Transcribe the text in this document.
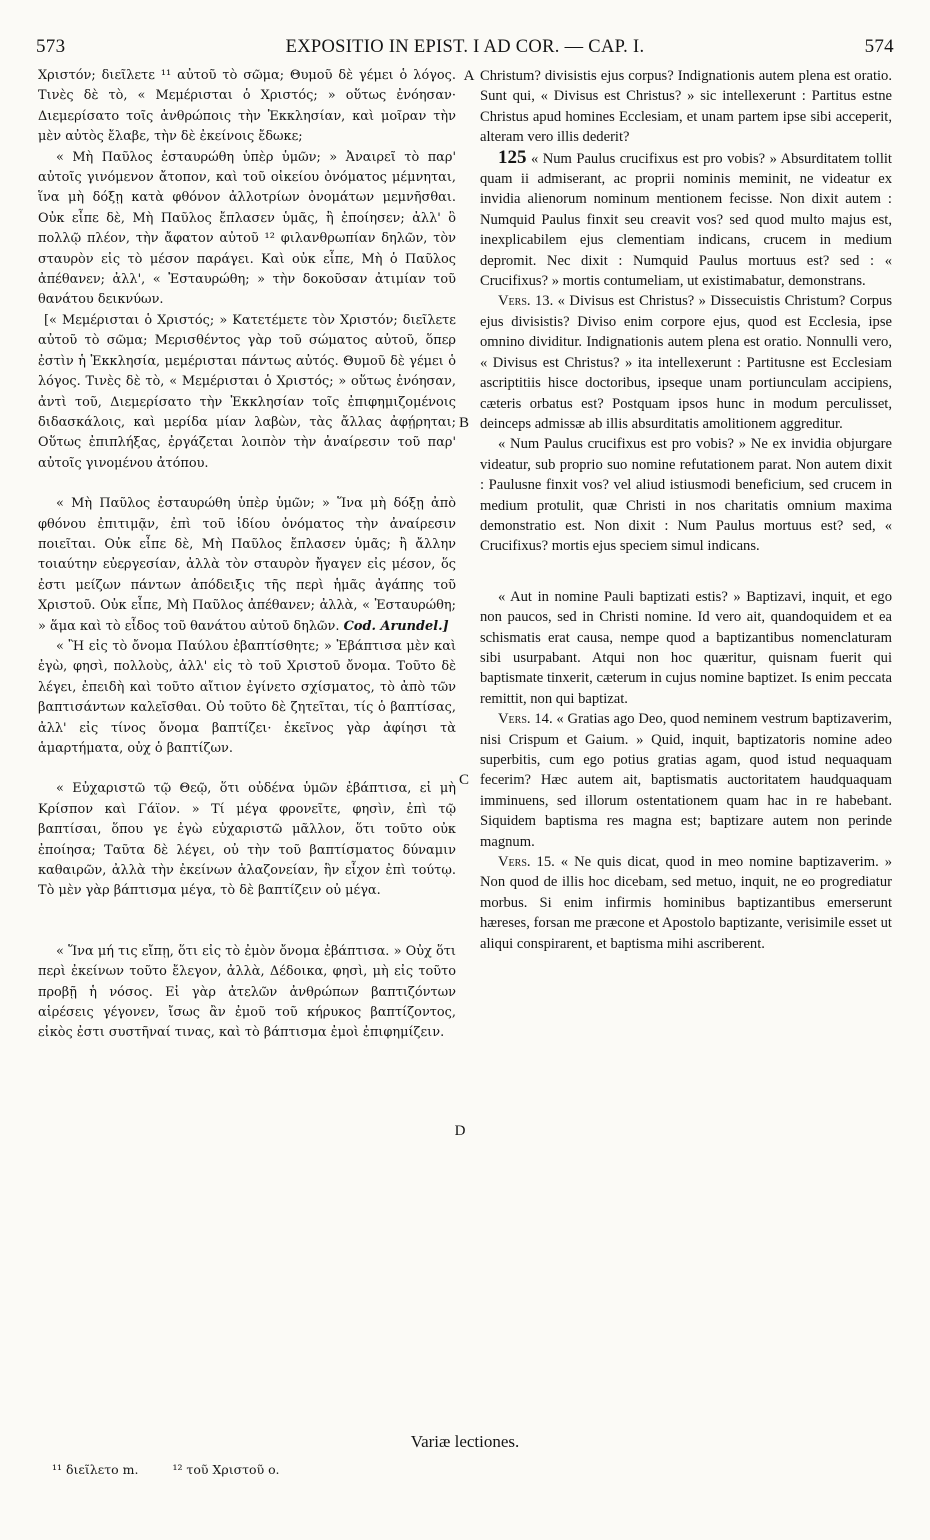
573	EXPOSITIO IN EPIST. I AD COR. — CAP. I.	574

Χριστόν; διεῖλετε ¹¹ αὐτοῦ τὸ σῶμα; Θυμοῦ δὲ γέμει ὁ λόγος. Τινὲς δὲ τὸ, « Μεμέρισται ὁ Χριστός; » οὕτως ἐνόησαν· Διεμερίσατο τοῖς ἀνθρώποις τὴν Ἐκκλησίαν, καὶ μοῖραν τὴν μὲν αὐτὸς ἔλαβε, τὴν δὲ ἐκείνοις ἔδωκε;

« Μὴ Παῦλος ἐσταυρώθη ὑπὲρ ὑμῶν; » Ἀναιρεῖ τὸ παρ' αὐτοῖς γινόμενον ἄτοπον, καὶ τοῦ οἰκείου ὀνόματος μέμνηται, ἵνα μὴ δόξῃ κατὰ φθόνον ἀλλοτρίων ὀνομάτων μεμνῆσθαι. Οὐκ εἶπε δὲ, Μὴ Παῦλος ἔπλασεν ὑμᾶς, ἢ ἐποίησεν; ἀλλ' ὃ πολλῷ πλέον, τὴν ἄφατον αὐτοῦ ¹² φιλανθρωπίαν δηλῶν, τὸν σταυρὸν εἰς τὸ μέσον παράγει. Καὶ οὐκ εἶπε, Μὴ ὁ Παῦλος ἀπέθανεν; ἀλλ', « Ἐσταυρώθη; » τὴν δοκοῦσαν ἀτιμίαν τοῦ θανάτου δεικνύων.

[« Μεμέρισται ὁ Χριστός; » Κατετέμετε τὸν Χριστόν; διεῖλετε αὐτοῦ τὸ σῶμα; Μερισθέντος γὰρ τοῦ σώματος αὐτοῦ, ὅπερ ἐστὶν ἡ Ἐκκλησία, μεμέρισται πάντως αὐτός. Θυμοῦ δὲ γέμει ὁ λόγος. Τινὲς δὲ τὸ, « Μεμέρισται ὁ Χριστός; » οὕτως ἐνόησαν, ἀντὶ τοῦ, Διεμερίσατο τὴν Ἐκκλησίαν τοῖς ἐπιφημιζομένοις διδασκάλοις, καὶ μερίδα μίαν λαβὼν, τὰς ἄλλας ἀφῄρηται; Οὕτως ἐπιπλήξας, ἐργάζεται λοιπὸν τὴν ἀναίρεσιν τοῦ παρ' αὐτοῖς γινομένου ἀτόπου.

« Μὴ Παῦλος ἐσταυρώθη ὑπὲρ ὑμῶν; » Ἵνα μὴ δόξῃ ἀπὸ φθόνου ἐπιτιμᾷν, ἐπὶ τοῦ ἰδίου ὀνόματος τὴν ἀναίρεσιν ποιεῖται. Οὐκ εἶπε δὲ, Μὴ Παῦλος ἔπλασεν ὑμᾶς; ἢ ἄλλην τοιαύτην εὐεργεσίαν, ἀλλὰ τὸν σταυρὸν ἤγαγεν εἰς μέσον, ὅς ἐστι μείζων πάντων ἀπόδειξις τῆς περὶ ἡμᾶς ἀγάπης τοῦ Χριστοῦ. Οὐκ εἶπε, Μὴ Παῦλος ἀπέθανεν; ἀλλὰ, « Ἐσταυρώθη; » ἅμα καὶ τὸ εἶδος τοῦ θανάτου αὐτοῦ δηλῶν. Cod. Arundel.]

« Ἢ εἰς τὸ ὄνομα Παύλου ἐβαπτίσθητε; » Ἐβάπτισα μὲν καὶ ἐγὼ, φησὶ, πολλοὺς, ἀλλ' εἰς τὸ τοῦ Χριστοῦ ὄνομα. Τοῦτο δὲ λέγει, ἐπειδὴ καὶ τοῦτο αἴτιον ἐγίνετο σχίσματος, τὸ ἀπὸ τῶν βαπτισάντων καλεῖσθαι. Οὐ τοῦτο δὲ ζητεῖται, τίς ὁ βαπτίσας, ἀλλ' εἰς τίνος ὄνομα βαπτίζει· ἐκεῖνος γὰρ ἀφίησι τὰ ἁμαρτήματα, οὐχ ὁ βαπτίζων.

« Εὐχαριστῶ τῷ Θεῷ, ὅτι οὐδένα ὑμῶν ἐβάπτισα, εἰ μὴ Κρίσπον καὶ Γάϊον. » Τί μέγα φρονεῖτε, φησὶν, ἐπὶ τῷ βαπτίσαι, ὅπου γε ἐγὼ εὐχαριστῶ μᾶλλον, ὅτι τοῦτο οὐκ ἐποίησα; Ταῦτα δὲ λέγει, οὐ τὴν τοῦ βαπτίσματος δύναμιν καθαιρῶν, ἀλλὰ τὴν ἐκείνων ἀλαζονείαν, ἣν εἶχον ἐπὶ τούτῳ. Τὸ μὲν γὰρ βάπτισμα μέγα, τὸ δὲ βαπτίζειν οὐ μέγα.

« Ἵνα μή τις εἴπῃ, ὅτι εἰς τὸ ἐμὸν ὄνομα ἐβάπτισα. » Οὐχ ὅτι περὶ ἐκείνων τοῦτο ἔλεγον, ἀλλὰ, Δέδοικα, φησὶ, μὴ εἰς τοῦτο προβῇ ἡ νόσος. Εἰ γὰρ ἀτελῶν ἀνθρώπων βαπτιζόντων αἱρέσεις γέγονεν, ἴσως ἂν ἐμοῦ τοῦ κήρυκος βαπτίζοντος, εἰκὸς ἐστι συστῆναί τινας, καὶ τὸ βάπτισμα ἐμοὶ ἐπιφημίζειν.

A
B
C
D

Christum? divisistis ejus corpus? Indignationis autem plena est oratio. Sunt qui, « Divisus est Christus? » sic intellexerunt : Partitus estne Christus apud homines Ecclesiam, et unam partem ipse sibi acceperit, alteram vero illis dederit?

125 « Num Paulus crucifixus est pro vobis? » Absurditatem tollit quam ii admiserant, ac proprii nominis meminit, ne videatur ex invidia alienorum nominum mentionem fecisse. Non dixit autem : Numquid Paulus finxit seu creavit vos? sed quod multo majus est, inexplicabilem ejus clementiam indicans, crucem in medium depromit. Nec dixit : Numquid Paulus mortuus est? sed : « Crucifixus? » mortis contumeliam, ut existimabatur, demonstrans.

Vers. 13. « Divisus est Christus? » Dissecuistis Christum? Corpus ejus divisistis? Diviso enim corpore ejus, quod est Ecclesia, ipse omnino dividitur. Indignationis autem plena est oratio. Nonnulli vero, « Divisus est Christus? » ita intellexerunt : Partitusne est Ecclesiam ascriptitiis hisce doctoribus, ipseque unam portiunculam accipiens, cæteris orbatus est? Postquam ipsos hunc in modum perculisset, deinceps admissæ ab illis absurditatis amolitionem aggreditur.

« Num Paulus crucifixus est pro vobis? » Ne ex invidia objurgare videatur, sub proprio suo nomine refutationem parat. Non autem dixit : Paulusne finxit vos? vel aliud istiusmodi beneficium, sed crucem in medium protulit, quæ Christi in nos charitatis omnium maxima demonstratio est. Non dixit : Num Paulus mortuus est? sed, « Crucifixus? mortis ejus speciem simul indicans.

« Aut in nomine Pauli baptizati estis? » Baptizavi, inquit, et ego non paucos, sed in Christi nomine. Id vero ait, quandoquidem et ea schismatis erat causa, nempe quod a baptizantibus nomenclaturam sibi usurpabant. Atqui non hoc quæritur, quisnam fuerit qui baptismate tinxerit, cæterum in cujus nomine baptizet. Is enim peccata remittit, non qui baptizat.

Vers. 14. « Gratias ago Deo, quod neminem vestrum baptizaverim, nisi Crispum et Gaium. » Quid, inquit, baptizatoris nomine adeo superbitis, cum ego potius gratias agam, quod istud nequaquam fecerim? Hæc autem ait, baptismatis auctoritatem haudquaquam imminuens, sed illorum ostentationem quam hac in re habebant. Siquidem baptisma res magna est; baptizare autem non perinde magnum.

Vers. 15. « Ne quis dicat, quod in meo nomine baptizaverim. » Non quod de illis hoc dicebam, sed metuo, inquit, ne eo progrediatur morbus. Si enim infirmis hominibus baptizantibus emerserunt hæreses, forsan me præcone et Apostolo baptizante, verisimile esset ut aliqui conspirarent, et baptisma mihi ascriberent.

Variæ lectiones.
¹¹ διεῖλετο m.	¹² τοῦ Χριστοῦ o.
